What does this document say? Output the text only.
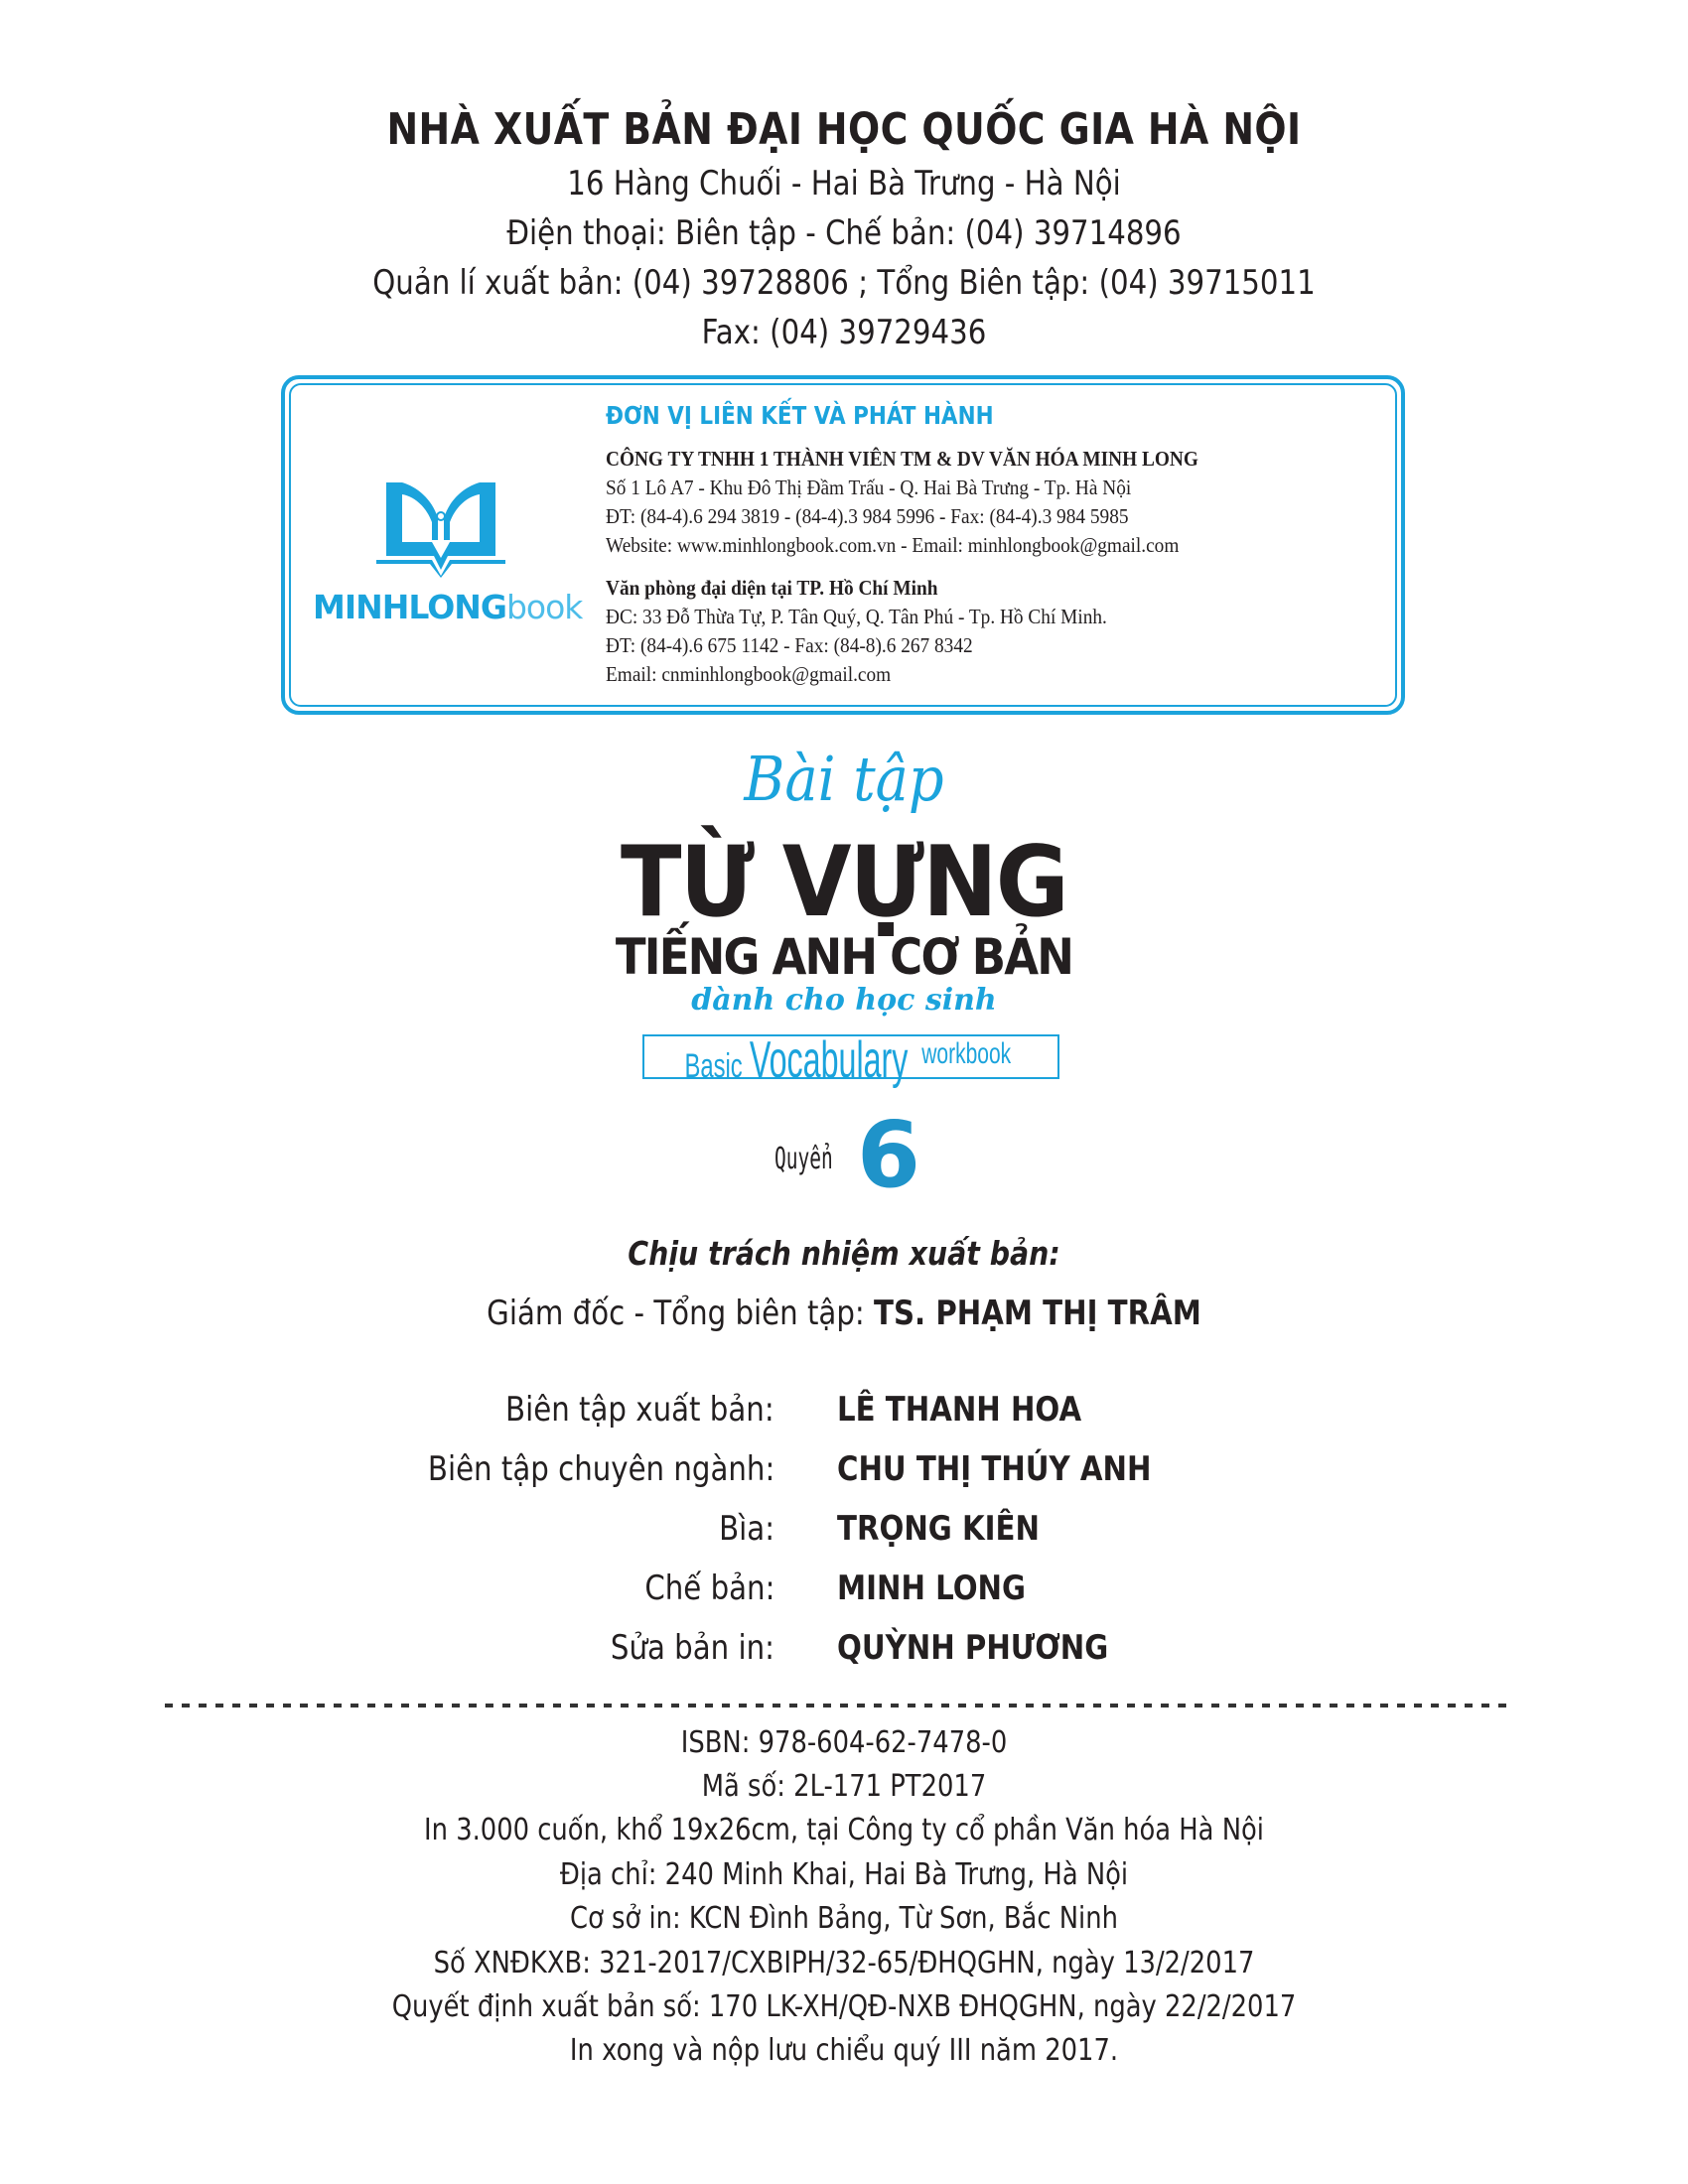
NHÀ XUẤT BẢN ĐẠI HỌC QUỐC GIA HÀ NỘI
16 Hàng Chuối - Hai Bà Trưng - Hà Nội
Điện thoại: Biên tập - Chế bản: (04) 39714896
Quản lí xuất bản: (04) 39728806 ; Tổng Biên tập: (04) 39715011
Fax: (04) 39729436
MINHLONGbook
ĐƠN VỊ LIÊN KẾT VÀ PHÁT HÀNH
CÔNG TY TNHH 1 THÀNH VIÊN TM & DV VĂN HÓA MINH LONG
Số 1 Lô A7 - Khu Đô Thị Đầm Trấu - Q. Hai Bà Trưng - Tp. Hà Nội
ĐT: (84-4).6 294 3819 - (84-4).3 984 5996 - Fax: (84-4).3 984 5985
Website: www.minhlongbook.com.vn - Email: minhlongbook@gmail.com
Văn phòng đại diện tại TP. Hồ Chí Minh
ĐC: 33 Đỗ Thừa Tự, P. Tân Quý, Q. Tân Phú - Tp. Hồ Chí Minh.
ĐT: (84-4).6 675 1142 - Fax: (84-8).6 267 8342
Email: cnminhlongbook@gmail.com
Bài tập
TỪ VỰNG
TIẾNG ANH CƠ BẢN
dành cho học sinh
Basic Vocabulary workbook
Quyển 6
Chịu trách nhiệm xuất bản:
Giám đốc - Tổng biên tập: TS. PHẠM THỊ TRÂM
Biên tập xuất bản: LÊ THANH HOA
Biên tập chuyên ngành: CHU THỊ THÚY ANH
Bìa: TRỌNG KIÊN
Chế bản: MINH LONG
Sửa bản in: QUỲNH PHƯƠNG
ISBN: 978-604-62-7478-0
Mã số: 2L-171 PT2017
In 3.000 cuốn, khổ 19x26cm, tại Công ty cổ phần Văn hóa Hà Nội
Địa chỉ: 240 Minh Khai, Hai Bà Trưng, Hà Nội
Cơ sở in: KCN Đình Bảng, Từ Sơn, Bắc Ninh
Số XNĐKXB: 321-2017/CXBIPH/32-65/ĐHQGHN, ngày 13/2/2017
Quyết định xuất bản số: 170 LK-XH/QĐ-NXB ĐHQGHN, ngày 22/2/2017
In xong và nộp lưu chiểu quý III năm 2017.
